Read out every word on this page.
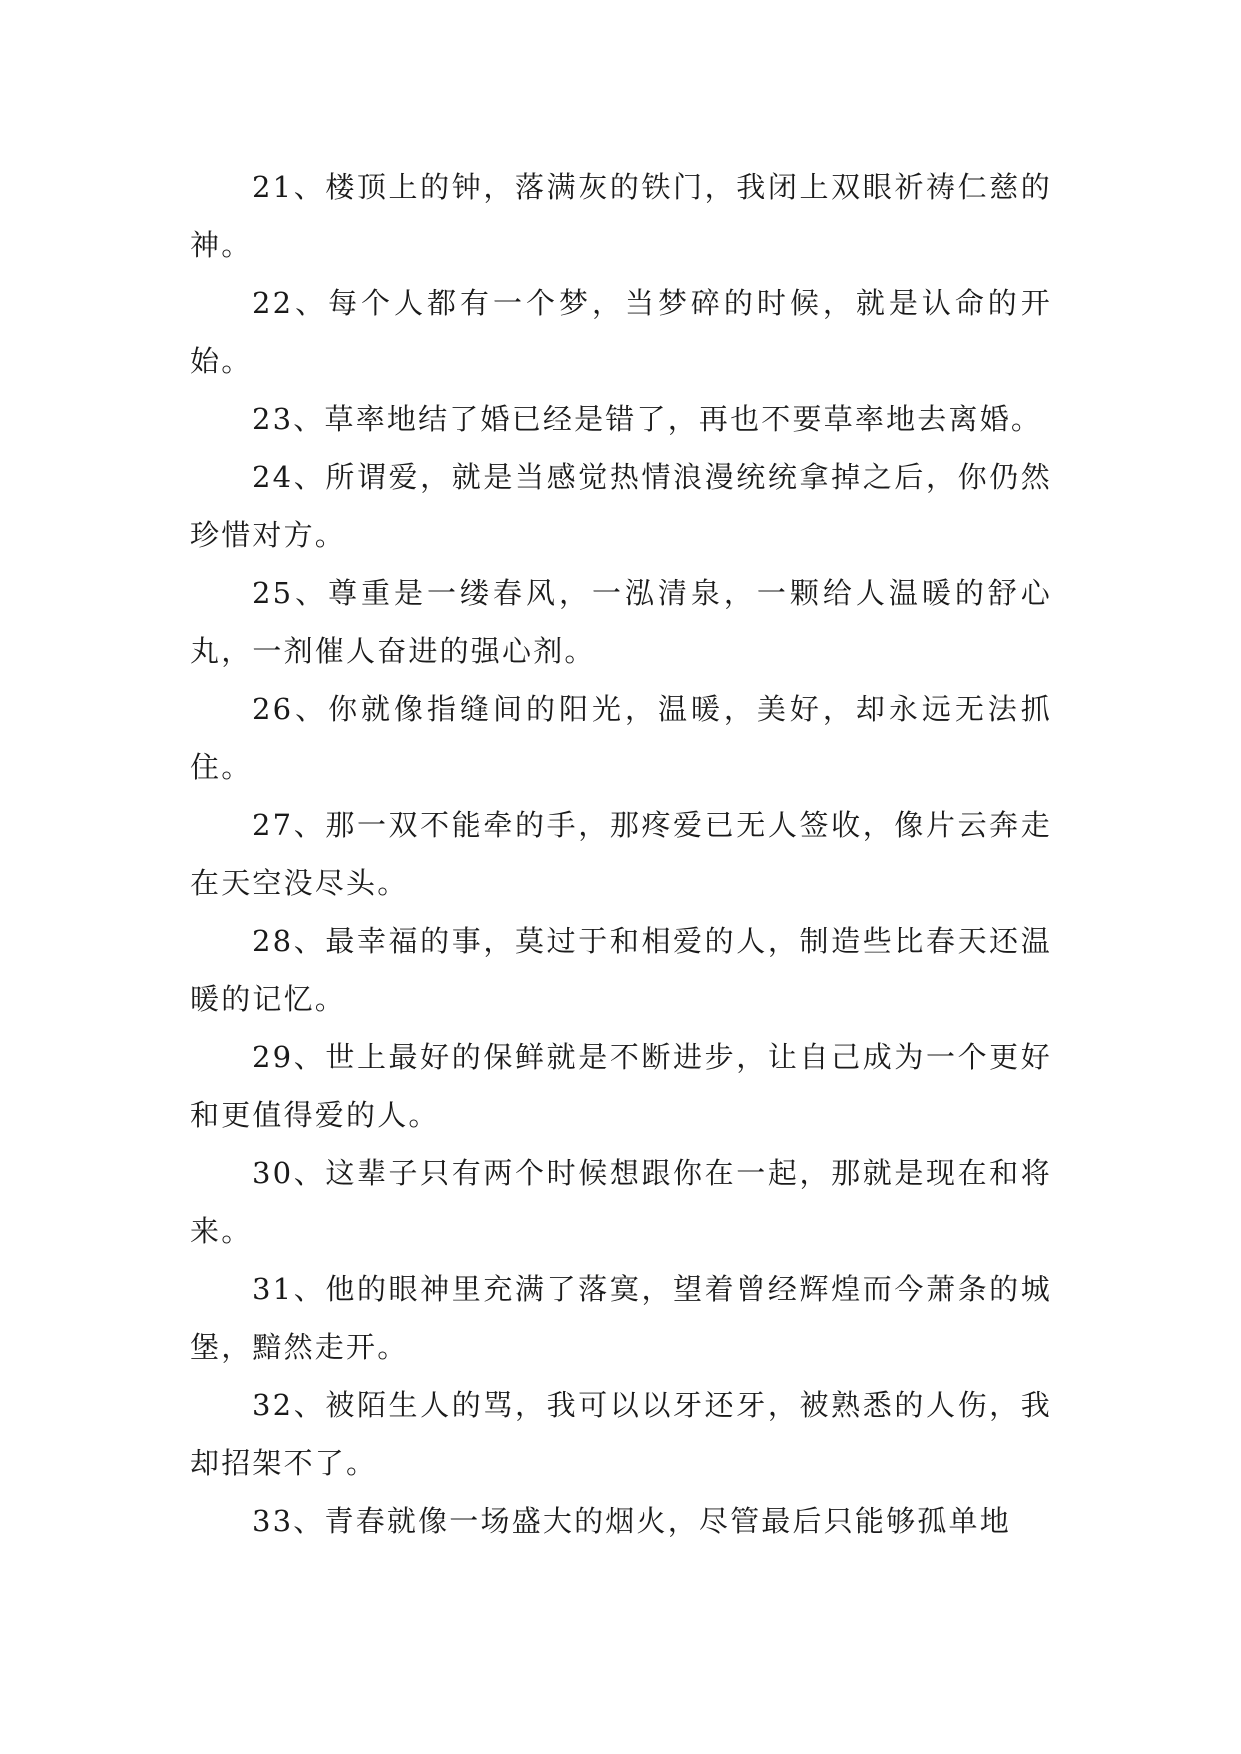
21、楼顶上的钟，落满灰的铁门，我闭上双眼祈祷仁慈的神。

22、每个人都有一个梦，当梦碎的时候，就是认命的开始。

23、草率地结了婚已经是错了，再也不要草率地去离婚。

24、所谓爱，就是当感觉热情浪漫统统拿掉之后，你仍然珍惜对方。

25、尊重是一缕春风，一泓清泉，一颗给人温暖的舒心丸，一剂催人奋进的强心剂。

26、你就像指缝间的阳光，温暖，美好，却永远无法抓住。

27、那一双不能牵的手，那疼爱已无人签收，像片云奔走在天空没尽头。

28、最幸福的事，莫过于和相爱的人，制造些比春天还温暖的记忆。

29、世上最好的保鲜就是不断进步，让自己成为一个更好和更值得爱的人。

30、这辈子只有两个时候想跟你在一起，那就是现在和将来。

31、他的眼神里充满了落寞，望着曾经辉煌而今萧条的城堡，黯然走开。

32、被陌生人的骂，我可以以牙还牙，被熟悉的人伤，我却招架不了。

33、青春就像一场盛大的烟火，尽管最后只能够孤单地
